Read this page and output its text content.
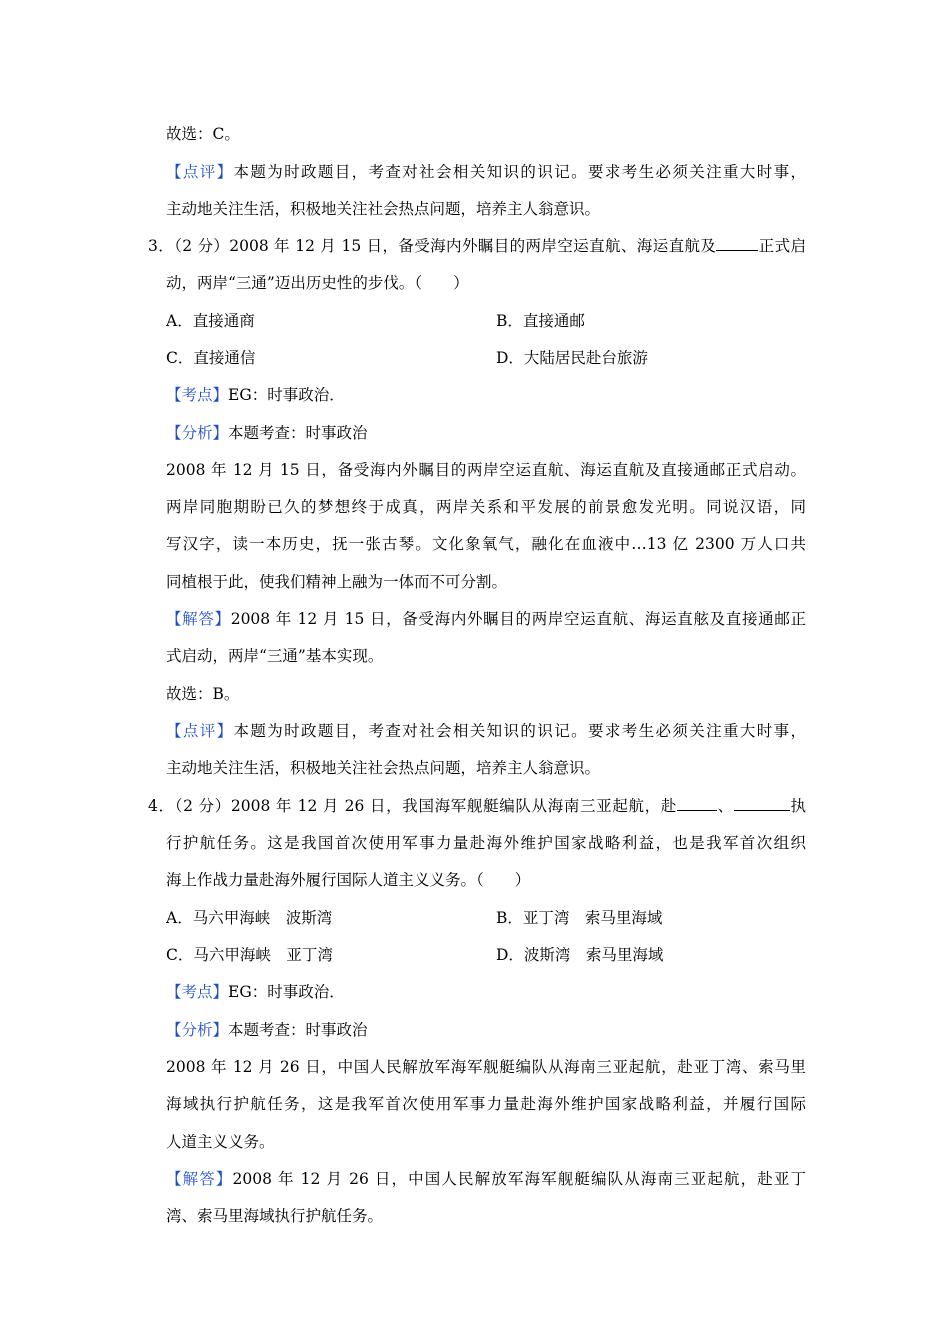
故选：C。
【点评】本题为时政题目，考查对社会相关知识的识记。要求考生必须关注重大时事，
主动地关注生活，积极地关注社会热点问题，培养主人翁意识。
3．（2 分）2008 年 12 月 15 日，备受海内外瞩目的两岸空运直航、海运直航及	正式启
动，两岸“三通”迈出历史性的步伐。（　　）
A．直接通商	B．直接通邮
C．直接通信	D．大陆居民赴台旅游
【考点】EG：时事政治．
【分析】本题考查：时事政治
2008 年 12 月 15 日，备受海内外瞩目的两岸空运直航、海运直航及直接通邮正式启动。
两岸同胞期盼已久的梦想终于成真，两岸关系和平发展的前景愈发光明。同说汉语，同
写汉字，读一本历史，抚一张古琴。文化象氧气，融化在血液中…13 亿 2300 万人口共
同植根于此，使我们精神上融为一体而不可分割。
【解答】2008 年 12 月 15 日，备受海内外瞩目的两岸空运直航、海运直舷及直接通邮正
式启动，两岸“三通”基本实现。
故选：B。
【点评】本题为时政题目，考查对社会相关知识的识记。要求考生必须关注重大时事，
主动地关注生活，积极地关注社会热点问题，培养主人翁意识。
4．（2 分）2008 年 12 月 26 日，我国海军舰艇编队从海南三亚起航，赴	、	执
行护航任务。这是我国首次使用军事力量赴海外维护国家战略利益，也是我军首次组织
海上作战力量赴海外履行国际人道主义义务。（　　）
A．马六甲海峡　波斯湾	B．亚丁湾　索马里海域
C．马六甲海峡　亚丁湾	D．波斯湾　索马里海域
【考点】EG：时事政治．
【分析】本题考查：时事政治
2008 年 12 月 26 日，中国人民解放军海军舰艇编队从海南三亚起航，赴亚丁湾、索马里
海域执行护航任务，这是我军首次使用军事力量赴海外维护国家战略利益，并履行国际
人道主义义务。
【解答】2008 年 12 月 26 日，中国人民解放军海军舰艇编队从海南三亚起航，赴亚丁
湾、索马里海域执行护航任务。
